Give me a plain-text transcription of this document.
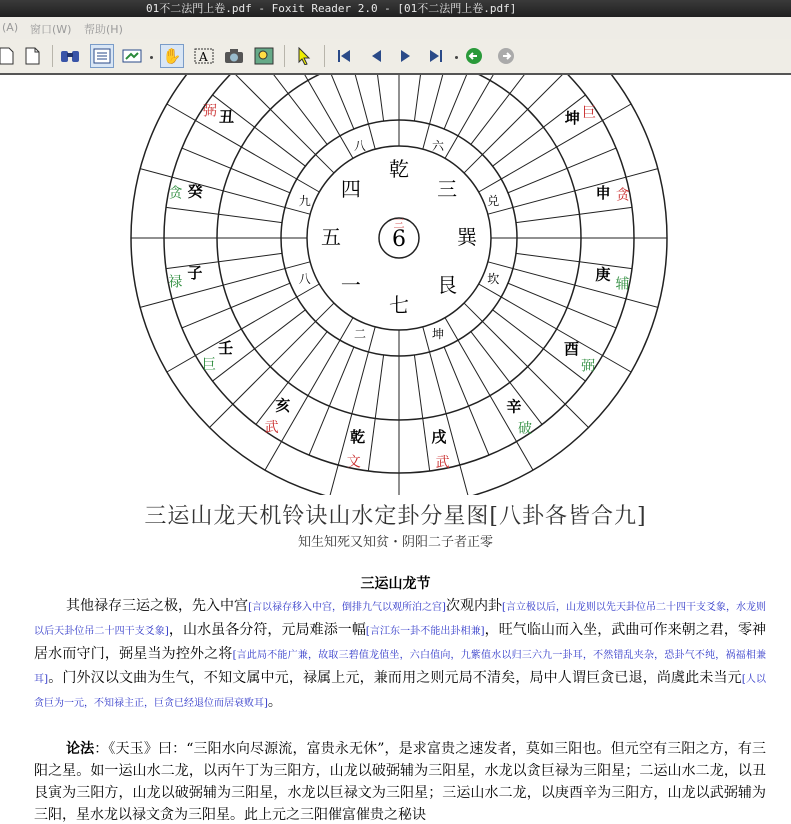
01不二法門上卷.pdf - Foxit Reader 2.0 - [01不二法門上卷.pdf]
(A) 窗口(W) 帮助(H)
✋ A
坤 巨
申 贪
庚
辅
酉
弼
辛
破
戌
武
乾
文
亥
武
壬
巨
子
禄
癸
贪
丑
弼
乾
六
三
兑
巽
坎
艮
坤
七
二
一
八
五
九
四
八
6
三
三运山龙天机铃诀山水定卦分星图[八卦各皆合九]
知生知死又知贫・阴阳二子者正零
三运山龙节
其他禄存三运之极，先入中宫[言以禄存移入中宫，倒排九气以观所泊之宫]次观内卦[言立极以后，山龙则以先天卦位吊二十四干支爻象，水龙则以后天卦位吊二十四干支爻象]，山水虽各分符，元局难添一幅[言江东一卦不能出卦相兼]，旺气临山而入坐，武曲可作来朝之君，零神居水而守门，弼星当为控外之将[言此局不能广兼，故取三碧值龙值坐，六白值向，九紫值水以归三六九一卦耳，不然错乱夹杂，恐卦气不纯，祸福相兼耳]。门外汉以文曲为生气，不知文属中元，禄属上元，兼而用之则元局不清矣，局中人谓巨贪已退，尚虞此未当元[人以贪巨为一元，不知禄主正，巨贪已经退位而居衰败耳]。
论法：《天玉》曰：“三阳水向尽源流，富贵永无休”，是求富贵之速发者，莫如三阳也。但元空有三阳之方，有三阳之星。如一运山水二龙，以丙午丁为三阳方，山龙以破弼辅为三阳星，水龙以贪巨禄为三阳星；二运山水二龙，以丑艮寅为三阳方，山龙以破弼辅为三阳星，水龙以巨禄文为三阳星；三运山水二龙，以庚酉辛为三阳方，山龙以武弼辅为三阳，星水龙以禄文贪为三阳星。此上元之三阳催富催贵之秘诀
